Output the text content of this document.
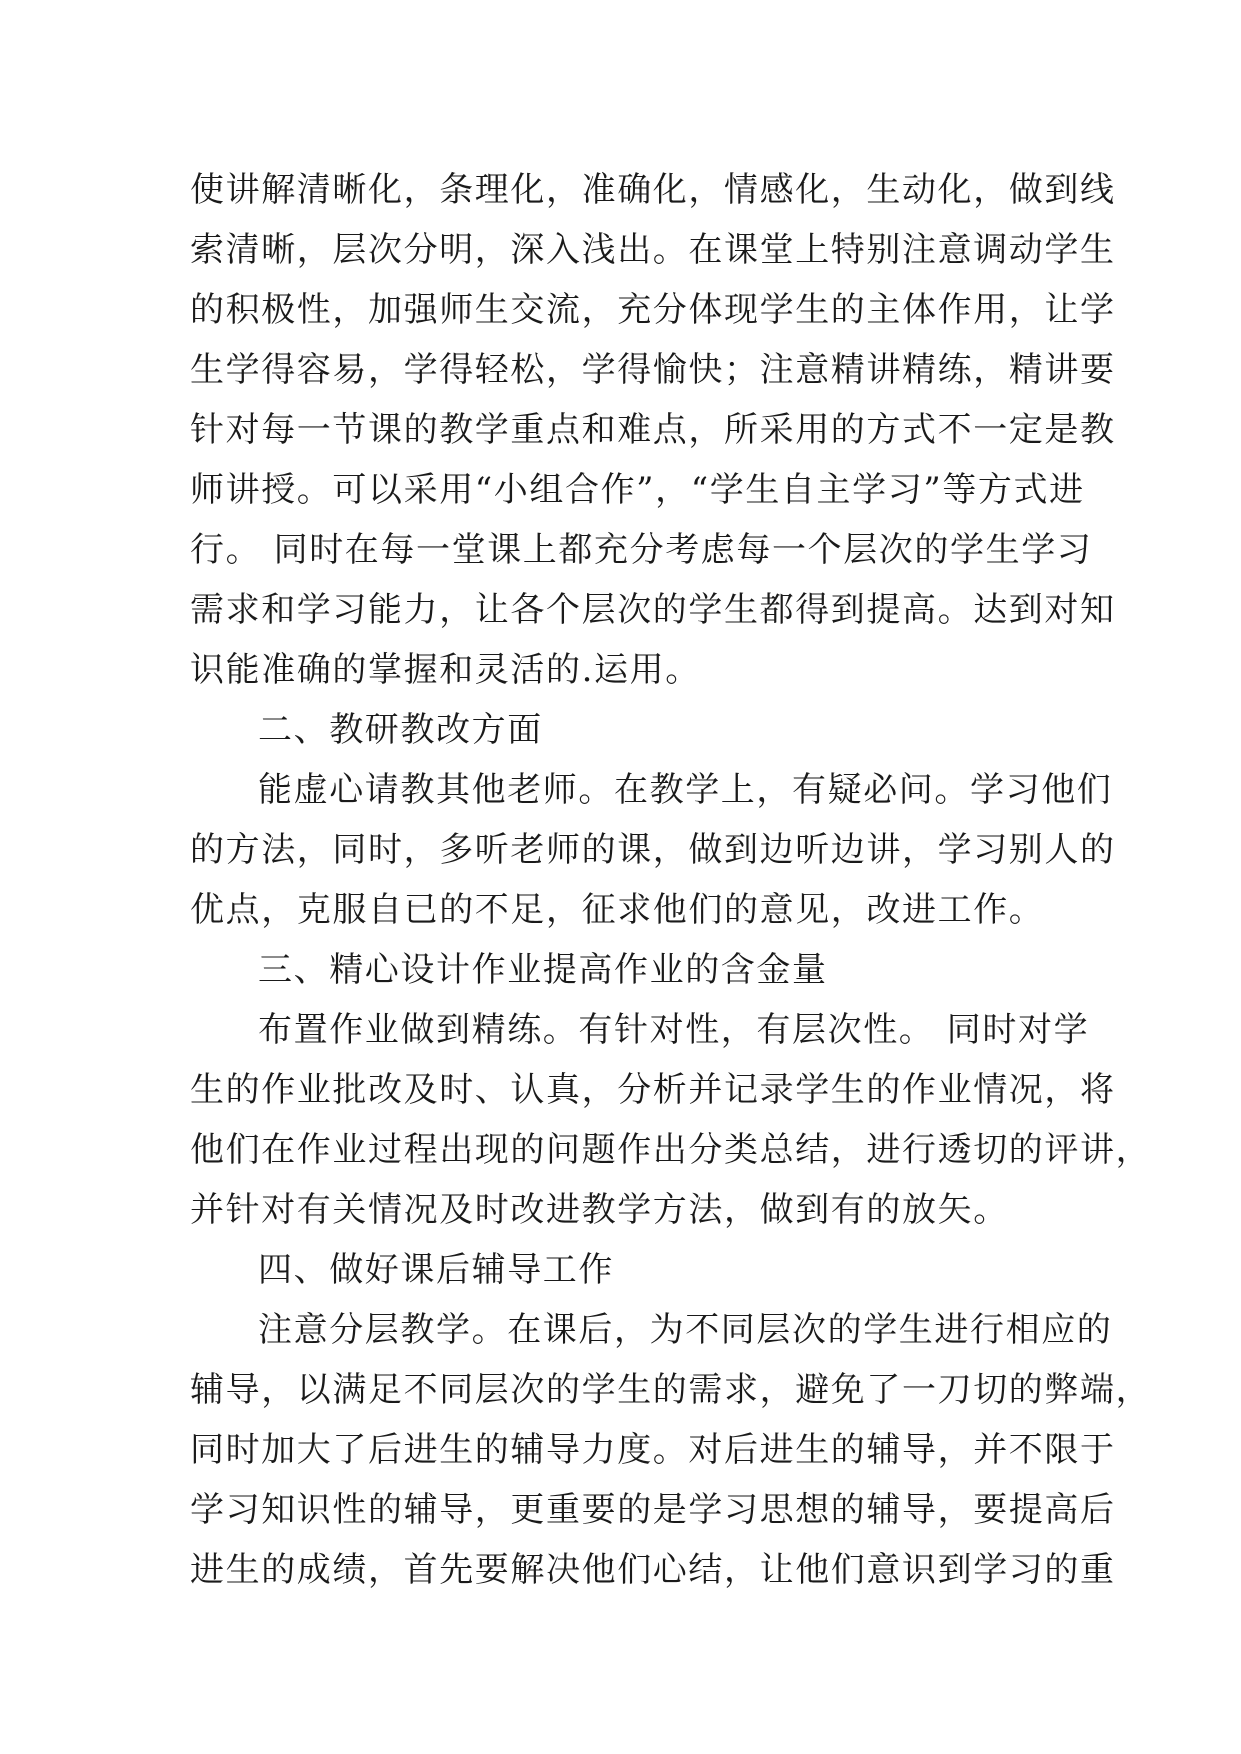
使讲解清晰化，条理化，准确化，情感化，生动化，做到线
索清晰，层次分明，深入浅出。在课堂上特别注意调动学生
的积极性，加强师生交流，充分体现学生的主体作用，让学
生学得容易，学得轻松，学得愉快；注意精讲精练，精讲要
针对每一节课的教学重点和难点，所采用的方式不一定是教
师讲授。可以采用“小组合作”，“学生自主学习”等方式进
行。 同时在每一堂课上都充分考虑每一个层次的学生学习
需求和学习能力，让各个层次的学生都得到提高。达到对知
识能准确的掌握和灵活的.运用。
二、教研教改方面
能虚心请教其他老师。在教学上，有疑必问。学习他们
的方法，同时，多听老师的课，做到边听边讲，学习别人的
优点，克服自已的不足，征求他们的意见，改进工作。
三、精心设计作业提高作业的含金量
布置作业做到精练。有针对性，有层次性。 同时对学
生的作业批改及时、认真，分析并记录学生的作业情况，将
他们在作业过程出现的问题作出分类总结，进行透切的评讲，
并针对有关情况及时改进教学方法，做到有的放矢。
四、做好课后辅导工作
注意分层教学。在课后，为不同层次的学生进行相应的
辅导，以满足不同层次的学生的需求，避免了一刀切的弊端，
同时加大了后进生的辅导力度。对后进生的辅导，并不限于
学习知识性的辅导，更重要的是学习思想的辅导，要提高后
进生的成绩，首先要解决他们心结，让他们意识到学习的重
